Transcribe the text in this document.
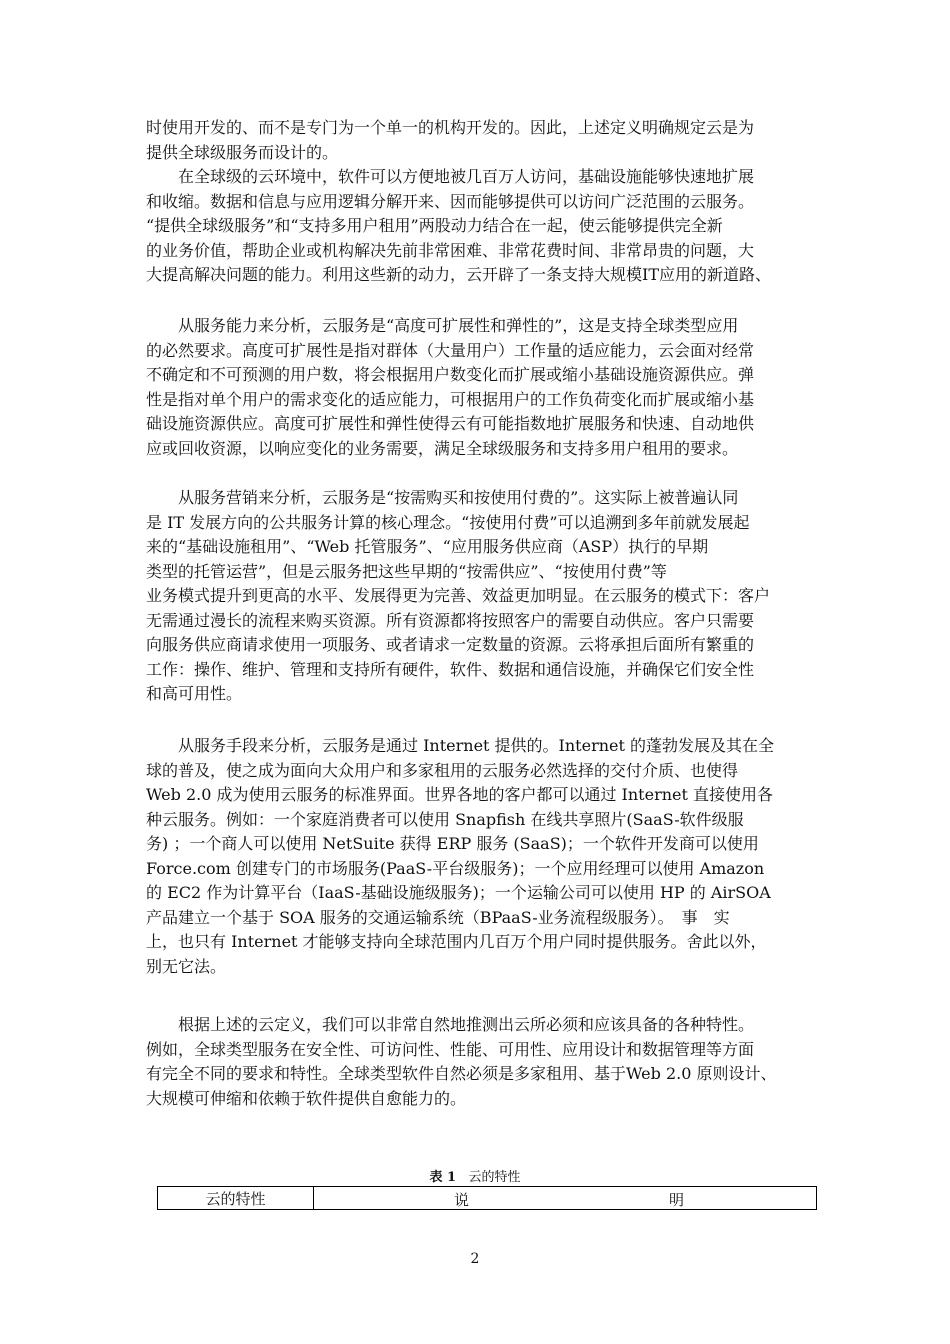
时使用开发的、而不是专门为一个单一的机构开发的。因此，上述定义明确规定云是为
提供全球级服务而设计的。
　　在全球级的云环境中，软件可以方便地被几百万人访问，基础设施能够快速地扩展
和收缩。数据和信息与应用逻辑分解开来、因而能够提供可以访问广泛范围的云服务。
“提供全球级服务”和“支持多用户租用”两股动力结合在一起，使云能够提供完全新
的业务价值，帮助企业或机构解决先前非常困难、非常花费时间、非常昂贵的问题，大
大提高解决问题的能力。利用这些新的动力，云开辟了一条支持大规模IT应用的新道路、
　　从服务能力来分析，云服务是“高度可扩展性和弹性的”，这是支持全球类型应用
的必然要求。高度可扩展性是指对群体（大量用户）工作量的适应能力，云会面对经常
不确定和不可预测的用户数，将会根据用户数变化而扩展或缩小基础设施资源供应。弹
性是指对单个用户的需求变化的适应能力，可根据用户的工作负荷变化而扩展或缩小基
础设施资源供应。高度可扩展性和弹性使得云有可能指数地扩展服务和快速、自动地供
应或回收资源，以响应变化的业务需要，满足全球级服务和支持多用户租用的要求。
　　从服务营销来分析，云服务是“按需购买和按使用付费的”。这实际上被普遍认同
是 IT 发展方向的公共服务计算的核心理念。“按使用付费”可以追溯到多年前就发展起
来的“基础设施租用”、“Web 托管服务”、“应用服务供应商（ASP）执行的早期
类型的托管运营”，但是云服务把这些早期的“按需供应”、“按使用付费”等
业务模式提升到更高的水平、发展得更为完善、效益更加明显。在云服务的模式下：客户
无需通过漫长的流程来购买资源。所有资源都将按照客户的需要自动供应。客户只需要
向服务供应商请求使用一项服务、或者请求一定数量的资源。云将承担后面所有繁重的
工作：操作、维护、管理和支持所有硬件，软件、数据和通信设施，并确保它们安全性
和高可用性。
　　从服务手段来分析，云服务是通过 Internet 提供的。Internet 的蓬勃发展及其在全
球的普及，使之成为面向大众用户和多家租用的云服务必然选择的交付介质、也使得
Web 2.0 成为使用云服务的标准界面。世界各地的客户都可以通过 Internet 直接使用各
种云服务。例如：一个家庭消费者可以使用 Snapfish 在线共享照片(SaaS-软件级服
务) ；一个商人可以使用 NetSuite 获得 ERP 服务 (SaaS)；一个软件开发商可以使用
Force.com 创建专门的市场服务(PaaS-平台级服务)；一个应用经理可以使用 Amazon
的 EC2 作为计算平台（IaaS-基础设施级服务)；一个运输公司可以使用 HP 的 AirSOA
产品建立一个基于 SOA 服务的交通运输系统（BPaaS-业务流程级服务）。　事　实
上，也只有 Internet 才能够支持向全球范围内几百万个用户同时提供服务。舍此以外，
别无它法。
　　根据上述的云定义，我们可以非常自然地推测出云所必须和应该具备的各种特性。
例如，全球类型服务在安全性、可访问性、性能、可用性、应用设计和数据管理等方面
有完全不同的要求和特性。全球类型软件自然必须是多家租用、基于Web 2.0 原则设计、
大规模可伸缩和依赖于软件提供自愈能力的。
表 1 云的特性
云的特性	说	明
2
